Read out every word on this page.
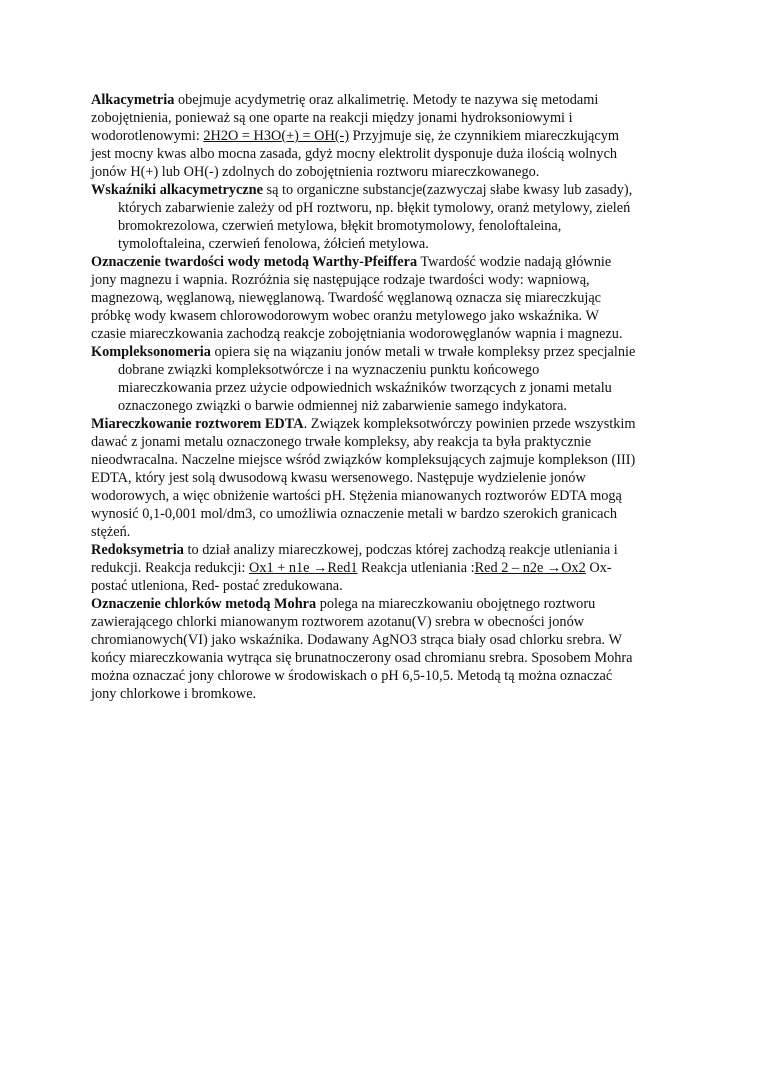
Alkacymetria obejmuje acydymetrię oraz alkalimetrię. Metody te nazywa się metodami zobojętnienia, ponieważ są one oparte na reakcji między jonami hydroksoniowymi i wodorotlenowymi: 2H2O = H3O(+) = OH(-) Przyjmuje się, że czynnikiem miareczkującym jest mocny kwas albo mocna zasada, gdyż mocny elektrolit dysponuje duża ilością wolnych jonów H(+) lub OH(-) zdolnych do zobojętnienia roztworu miareczkowanego.

Wskaźniki alkacymetryczne są to organiczne substancje(zazwyczaj słabe kwasy lub zasady), których zabarwienie zależy od pH roztworu, np. błękit tymolowy, oranż metylowy, zieleń bromokrezolowa, czerwień metylowa, błękit bromotymolowy, fenoloftaleina, tymoloftaleina, czerwień fenolowa, żółcień metylowa.

Oznaczenie twardości wody metodą Warthy-Pfeiffera Twardość wodzie nadają głównie jony magnezu i wapnia. Rozróżnia się następujące rodzaje twardości wody: wapniową, magnezową, węglanową, niewęglanową. Twardość węglanową oznacza się miareczkując próbkę wody kwasem chlorowodorowym wobec oranżu metylowego jako wskaźnika. W czasie miareczkowania zachodzą reakcje zobojętniania wodorowęglanów wapnia i magnezu.

Kompleksonomeria opiera się na wiązaniu jonów metali w trwałe kompleksy przez specjalnie dobrane związki kompleksotwórcze i na wyznaczeniu punktu końcowego miareczkowania przez użycie odpowiednich wskaźników tworzących z jonami metalu oznaczonego związki o barwie odmiennej niż zabarwienie samego indykatora.

Miareczkowanie roztworem EDTA. Związek kompleksotwórczy powinien przede wszystkim dawać z jonami metalu oznaczonego trwałe kompleksy, aby reakcja ta była praktycznie nieodwracalna. Naczelne miejsce wśród związków kompleksujących zajmuje komplekson (III) EDTA, który jest solą dwusodową kwasu wersenowego. Następuje wydzielenie jonów wodorowych, a więc obniżenie wartości pH. Stężenia mianowanych roztworów EDTA mogą wynosić 0,1-0,001 mol/dm3, co umożliwia oznaczenie metali w bardzo szerokich granicach stężeń.

Redoksymetria to dział analizy miareczkowej, podczas której zachodzą reakcje utleniania i redukcji. Reakcja redukcji: Ox1 + n1e →Red1 Reakcja utleniania :Red 2 – n2e →Ox2 Ox-postać utleniona, Red- postać zredukowana.

Oznaczenie chlorków metodą Mohra polega na miareczkowaniu obojętnego roztworu zawierającego chlorki mianowanym roztworem azotanu(V) srebra w obecności jonów chromianowych(VI) jako wskaźnika. Dodawany AgNO3 strąca biały osad chlorku srebra. W końcy miareczkowania wytrąca się brunatnoczerony osad chromianu srebra. Sposobem Mohra można oznaczać jony chlorowe w środowiskach o pH 6,5-10,5. Metodą tą można oznaczać jony chlorkowe i bromkowe.
